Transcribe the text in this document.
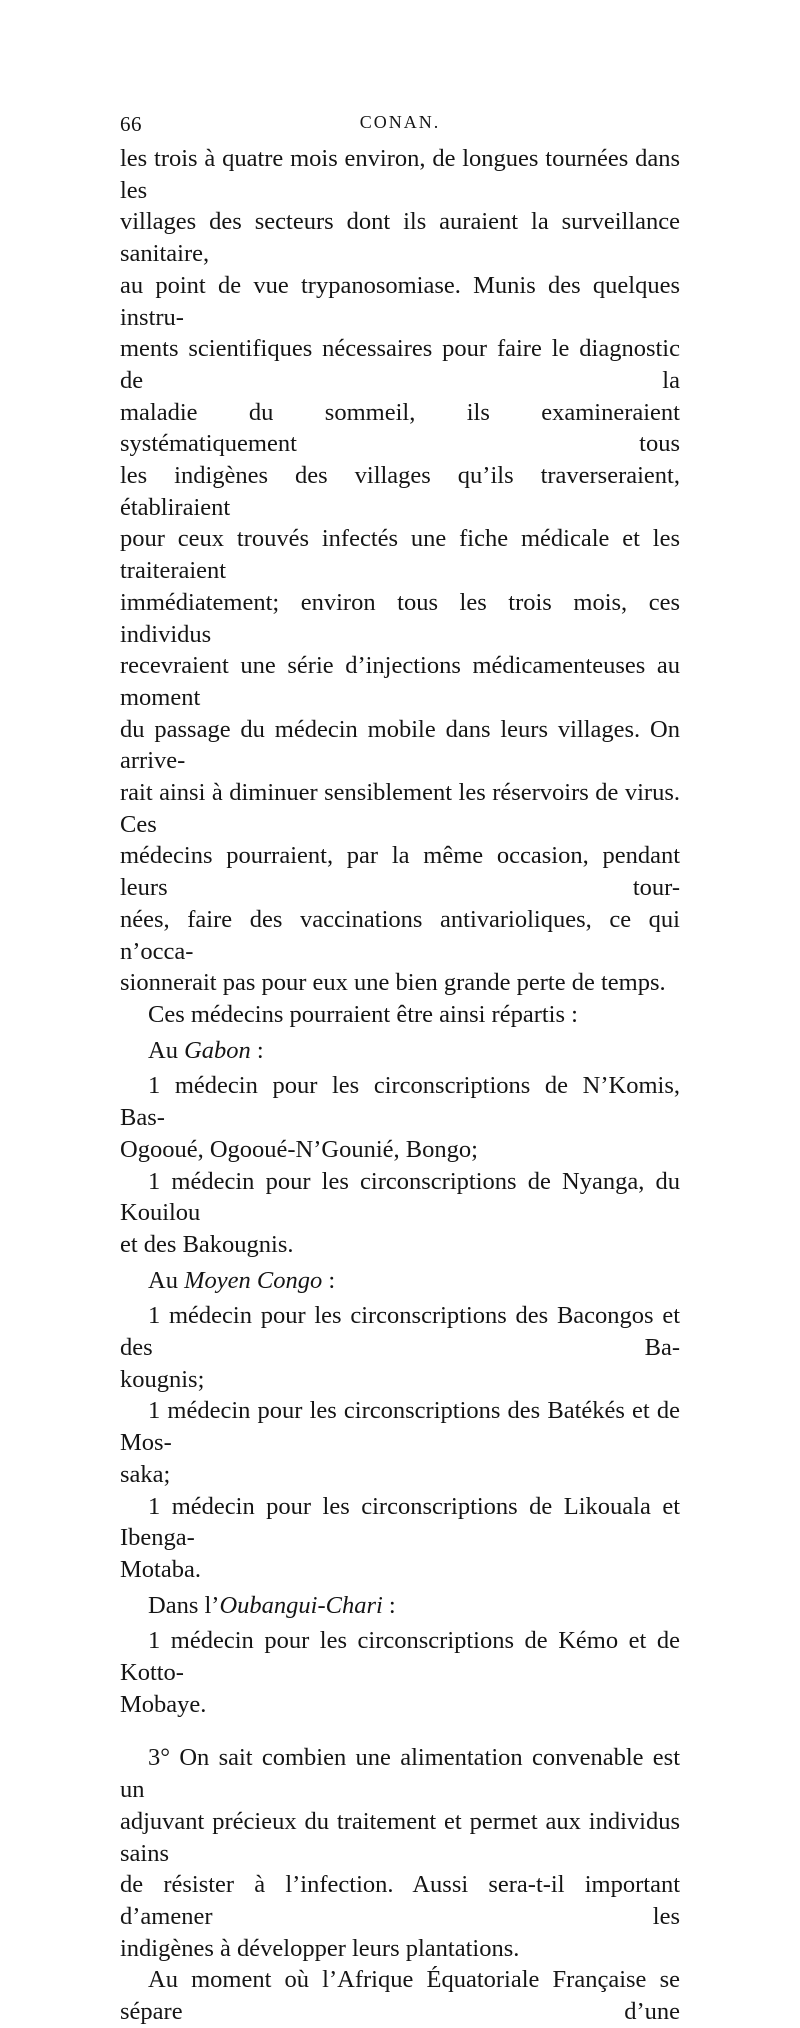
66	CONAN.

les trois à quatre mois environ, de longues tournées dans les

villages des secteurs dont ils auraient la surveillance sanitaire,

au point de vue trypanosomiase. Munis des quelques instru-

ments scientifiques nécessaires pour faire le diagnostic de la

maladie du sommeil, ils examineraient systématiquement tous

les indigènes des villages qu’ils traverseraient, établiraient

pour ceux trouvés infectés une fiche médicale et les traiteraient

immédiatement; environ tous les trois mois, ces individus

recevraient une série d’injections médicamenteuses au moment

du passage du médecin mobile dans leurs villages. On arrive-

rait ainsi à diminuer sensiblement les réservoirs de virus. Ces

médecins pourraient, par la même occasion, pendant leurs tour-

nées, faire des vaccinations antivarioliques, ce qui n’occa-

sionnerait pas pour eux une bien grande perte de temps.

Ces médecins pourraient être ainsi répartis :

Au Gabon :

1 médecin pour les circonscriptions de N’Komis, Bas-

Ogooué, Ogooué-N’Gounié, Bongo;

1 médecin pour les circonscriptions de Nyanga, du Kouilou

et des Bakougnis.

Au Moyen Congo :

1 médecin pour les circonscriptions des Bacongos et des Ba-

kougnis;

1 médecin pour les circonscriptions des Batékés et de Mos-

saka;

1 médecin pour les circonscriptions de Likouala et Ibenga-

Motaba.

Dans l’Oubangui-Chari :

1 médecin pour les circonscriptions de Kémo et de Kotto-

Mobaye.

3° On sait combien une alimentation convenable est un

adjuvant précieux du traitement et permet aux individus sains

de résister à l’infection. Aussi sera-t-il important d’amener les

indigènes à développer leurs plantations.

Au moment où l’Afrique Équatoriale Française se sépare d’une
